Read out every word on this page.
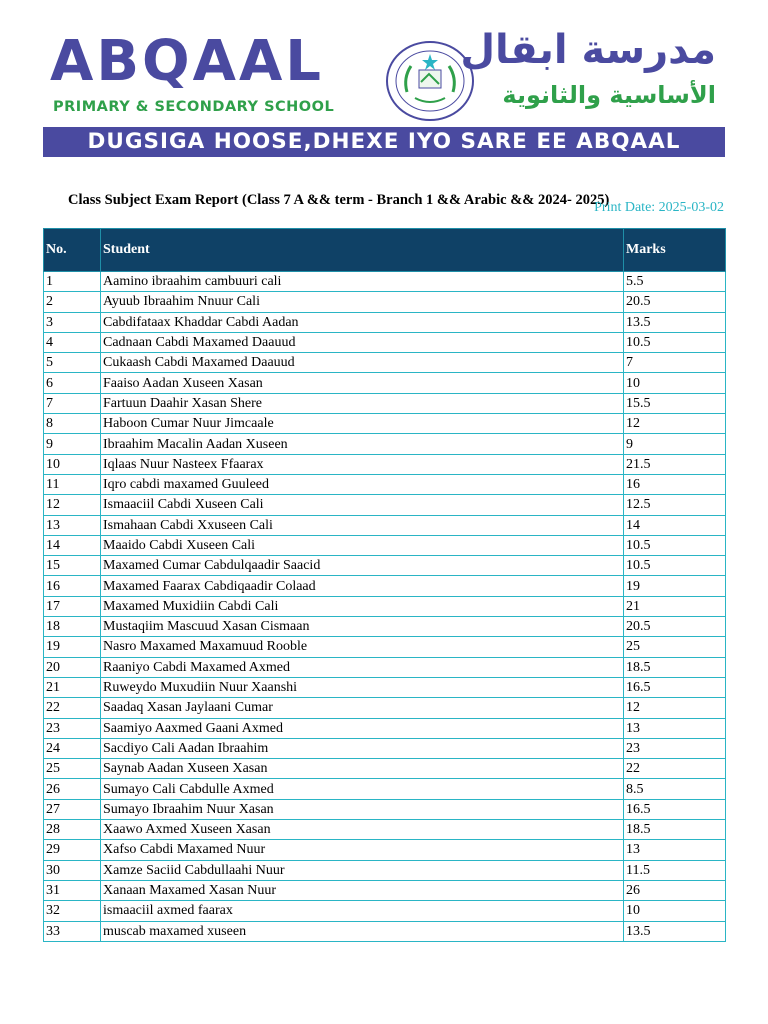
ABQAAL
PRIMARY & SECONDARY SCHOOL
مدرسة ابقال
الأساسية والثانوية
DUGSIGA HOOSE,DHEXE IYO SARE EE ABQAAL
Class Subject Exam Report (Class 7 A && term - Branch 1 && Arabic && 2024- 2025)
Print Date: 2025-03-02
No.	Student	Marks
1	Aamino ibraahim cambuuri cali	5.5
2	Ayuub Ibraahim Nnuur Cali	20.5
3	Cabdifataax Khaddar Cabdi Aadan	13.5
4	Cadnaan Cabdi Maxamed Daauud	10.5
5	Cukaash Cabdi Maxamed Daauud	7
6	Faaiso Aadan Xuseen Xasan	10
7	Fartuun Daahir Xasan Shere	15.5
8	Haboon Cumar Nuur Jimcaale	12
9	Ibraahim Macalin Aadan Xuseen	9
10	Iqlaas Nuur Nasteex Ffaarax	21.5
11	Iqro cabdi maxamed Guuleed	16
12	Ismaaciil Cabdi Xuseen Cali	12.5
13	Ismahaan Cabdi Xxuseen Cali	14
14	Maaido Cabdi Xuseen Cali	10.5
15	Maxamed Cumar Cabdulqaadir Saacid	10.5
16	Maxamed Faarax Cabdiqaadir Colaad	19
17	Maxamed Muxidiin Cabdi Cali	21
18	Mustaqiim Mascuud Xasan Cismaan	20.5
19	Nasro Maxamed Maxamuud Rooble	25
20	Raaniyo Cabdi Maxamed Axmed	18.5
21	Ruweydo Muxudiin Nuur Xaanshi	16.5
22	Saadaq Xasan Jaylaani Cumar	12
23	Saamiyo Aaxmed Gaani Axmed	13
24	Sacdiyo Cali Aadan Ibraahim	23
25	Saynab Aadan Xuseen Xasan	22
26	Sumayo Cali Cabdulle Axmed	8.5
27	Sumayo Ibraahim Nuur Xasan	16.5
28	Xaawo Axmed Xuseen Xasan	18.5
29	Xafso Cabdi Maxamed Nuur	13
30	Xamze Saciid Cabdullaahi Nuur	11.5
31	Xanaan Maxamed Xasan Nuur	26
32	ismaaciil axmed faarax	10
33	muscab maxamed xuseen	13.5
